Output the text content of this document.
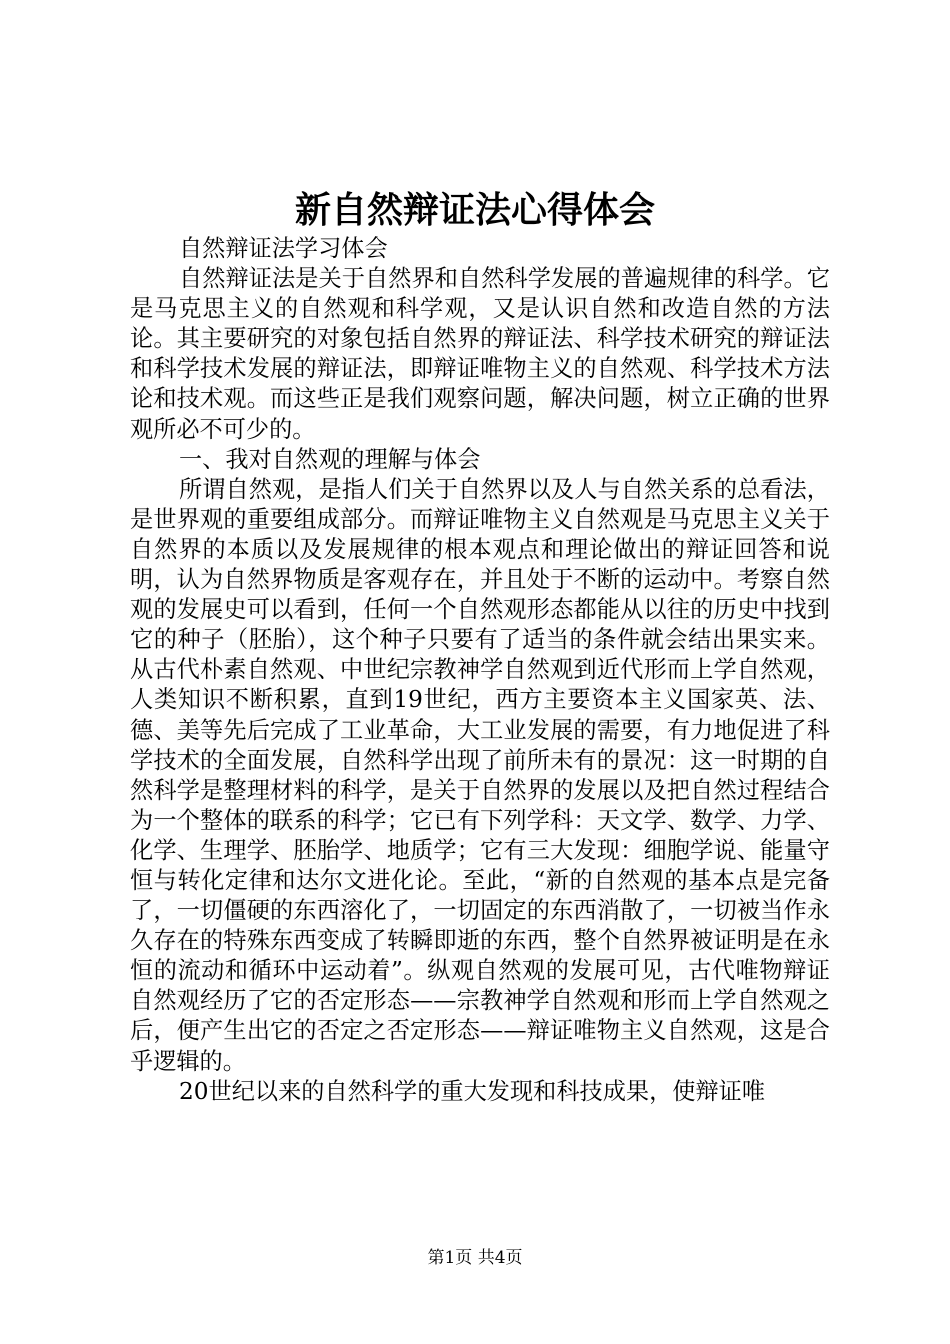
新自然辩证法心得体会

自然辩证法学习体会

自然辩证法是关于自然界和自然科学发展的普遍规律的科学。它是马克思主义的自然观和科学观，又是认识自然和改造自然的方法论。其主要研究的对象包括自然界的辩证法、科学技术研究的辩证法和科学技术发展的辩证法，即辩证唯物主义的自然观、科学技术方法论和技术观。而这些正是我们观察问题，解决问题，树立正确的世界观所必不可少的。

一、我对自然观的理解与体会

所谓自然观，是指人们关于自然界以及人与自然关系的总看法，是世界观的重要组成部分。而辩证唯物主义自然观是马克思主义关于自然界的本质以及发展规律的根本观点和理论做出的辩证回答和说明，认为自然界物质是客观存在，并且处于不断的运动中。考察自然观的发展史可以看到，任何一个自然观形态都能从以往的历史中找到它的种子（胚胎），这个种子只要有了适当的条件就会结出果实来。从古代朴素自然观、中世纪宗教神学自然观到近代形而上学自然观，人类知识不断积累，直到19世纪，西方主要资本主义国家英、法、德、美等先后完成了工业革命，大工业发展的需要，有力地促进了科学技术的全面发展，自然科学出现了前所未有的景况：这一时期的自然科学是整理材料的科学，是关于自然界的发展以及把自然过程结合为一个整体的联系的科学；它已有下列学科：天文学、数学、力学、化学、生理学、胚胎学、地质学；它有三大发现：细胞学说、能量守恒与转化定律和达尔文进化论。至此，“新的自然观的基本点是完备了，一切僵硬的东西溶化了，一切固定的东西消散了，一切被当作永久存在的特殊东西变成了转瞬即逝的东西，整个自然界被证明是在永恒的流动和循环中运动着”。纵观自然观的发展可见，古代唯物辩证自然观经历了它的否定形态——宗教神学自然观和形而上学自然观之后，便产生出它的否定之否定形态——辩证唯物主义自然观，这是合乎逻辑的。

20世纪以来的自然科学的重大发现和科技成果，使辩证唯

第1页 共4页
